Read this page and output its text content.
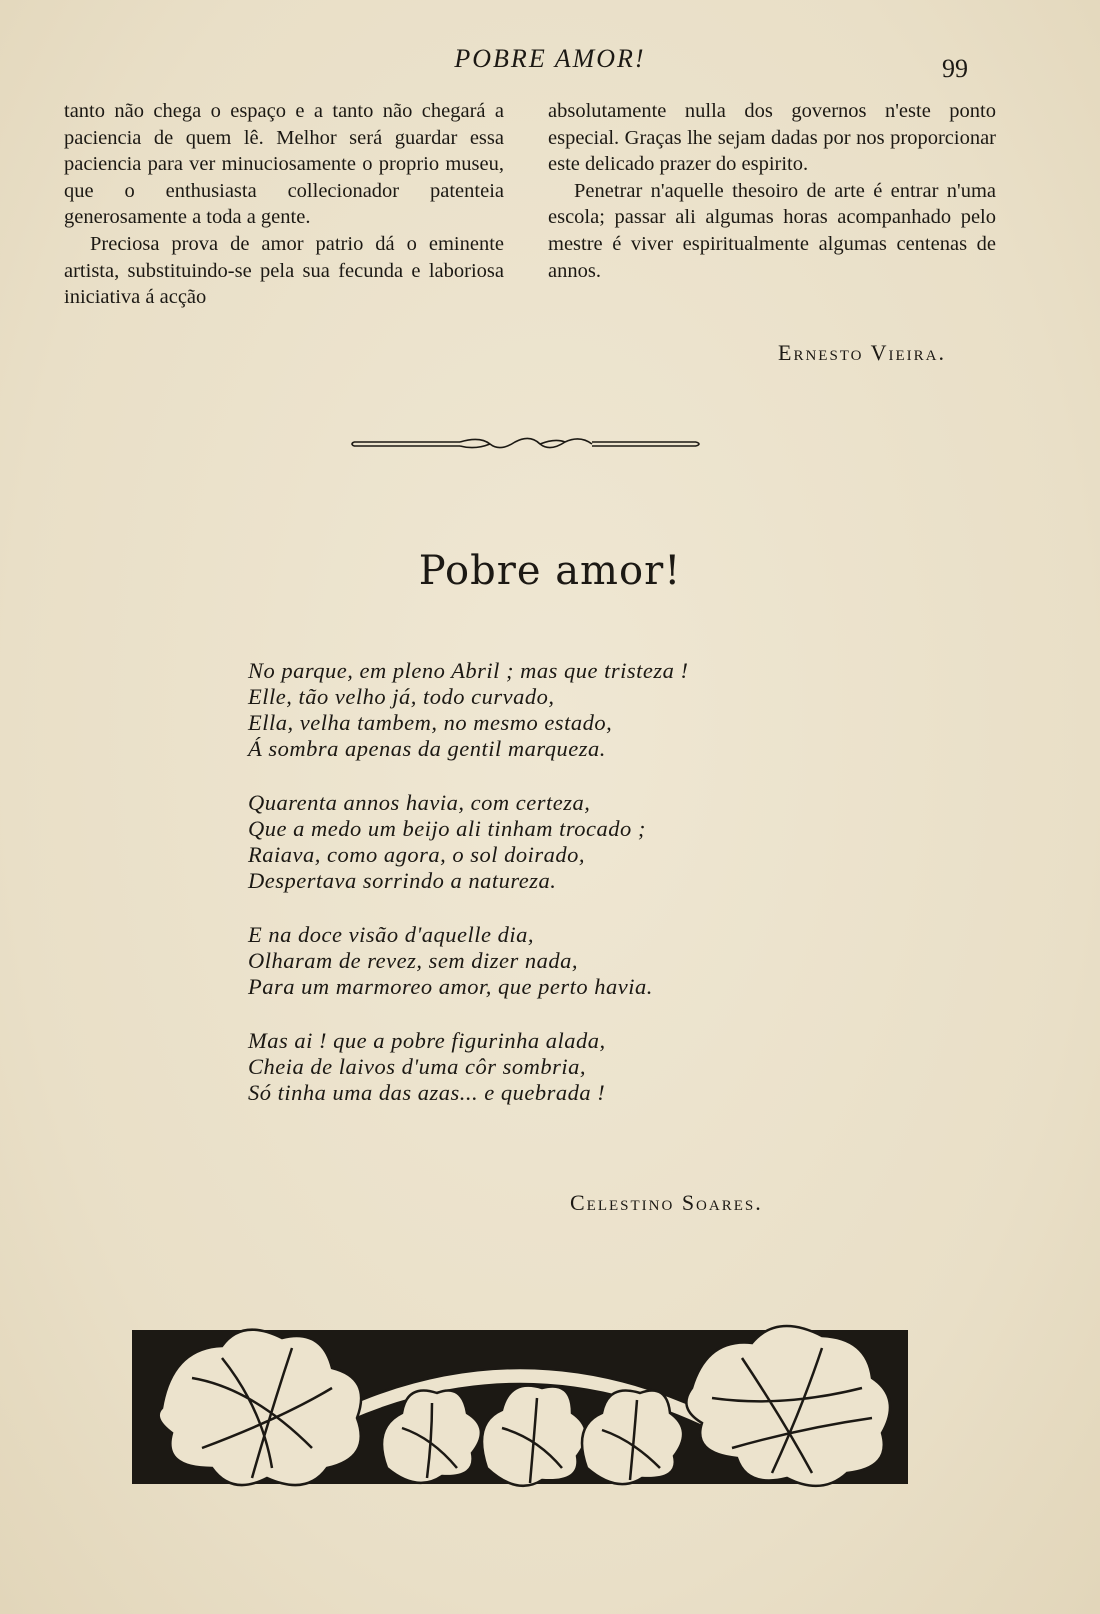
POBRE AMOR!	99

tanto não chega o espaço e a tanto não chegará a paciencia de quem lê. Melhor será guardar essa paciencia para ver minuciosamente o proprio museu, que o enthusiasta collecionador patenteia generosamente a toda a gente.

Preciosa prova de amor patrio dá o eminente artista, substituindo-se pela sua fecunda e laboriosa iniciativa á acção

absolutamente nulla dos governos n'este ponto especial. Graças lhe sejam dadas por nos proporcionar este delicado prazer do espirito.

Penetrar n'aquelle thesoiro de arte é entrar n'uma escola; passar ali algumas horas acompanhado pelo mestre é viver espiritualmente algumas centenas de annos.

Ernesto Vieira.
Pobre amor!
No parque, em pleno Abril ; mas que tristeza !
Elle, tão velho já, todo curvado,
Ella, velha tambem, no mesmo estado,
Á sombra apenas da gentil marqueza.
Quarenta annos havia, com certeza,
Que a medo um beijo ali tinham trocado ;
Raiava, como agora, o sol doirado,
Despertava sorrindo a natureza.
E na doce visão d'aquelle dia,
Olharam de revez, sem dizer nada,
Para um marmoreo amor, que perto havia.
Mas ai ! que a pobre figurinha alada,
Cheia de laivos d'uma côr sombria,
Só tinha uma das azas... e quebrada !
Celestino Soares.
